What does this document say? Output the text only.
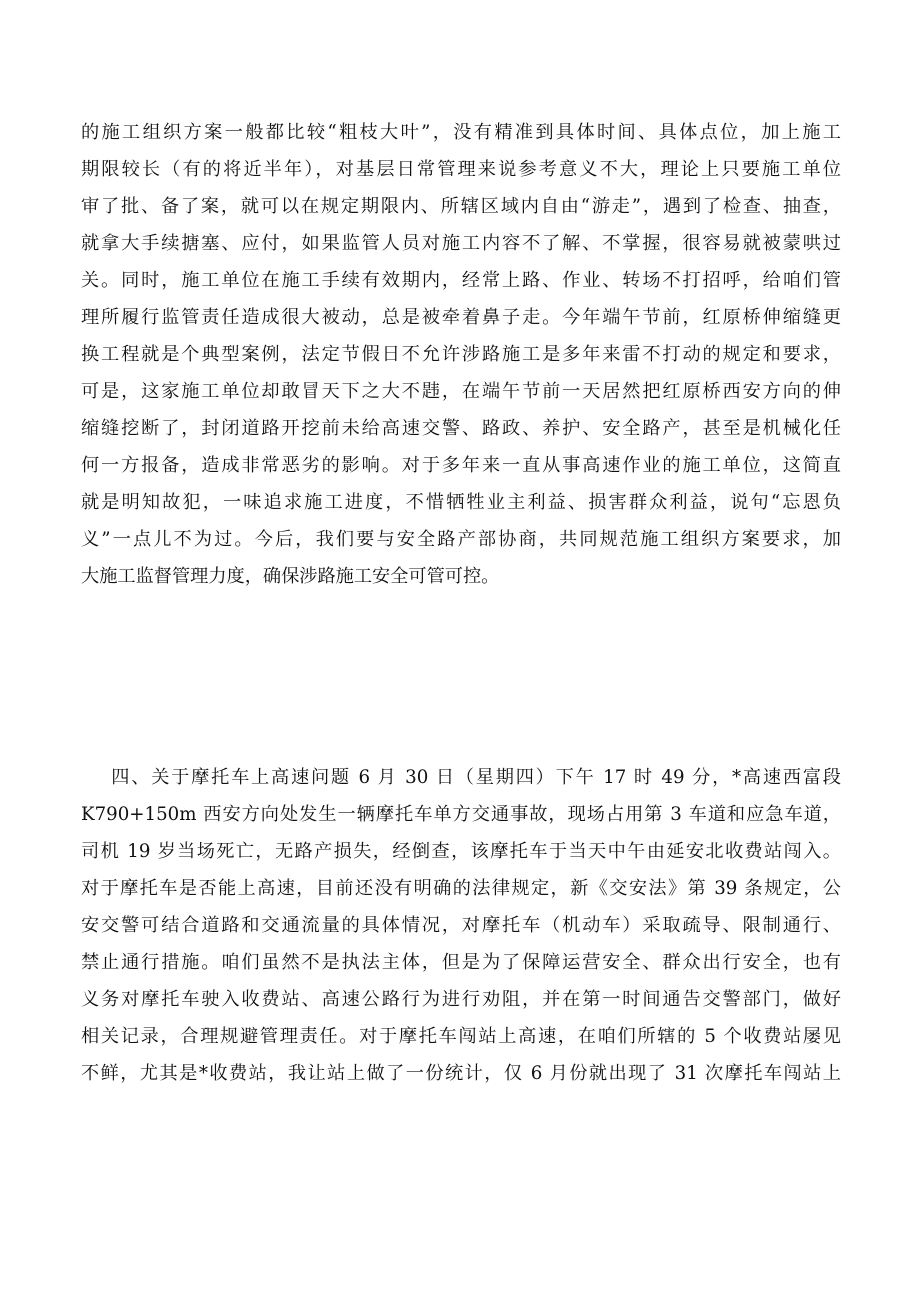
的施工组织方案一般都比较“粗枝大叶”，没有精准到具体时间、具体点位，加上施工
期限较长（有的将近半年），对基层日常管理来说参考意义不大，理论上只要施工单位
审了批、备了案，就可以在规定期限内、所辖区域内自由“游走”，遇到了检查、抽查，
就拿大手续搪塞、应付，如果监管人员对施工内容不了解、不掌握，很容易就被蒙哄过
关。同时，施工单位在施工手续有效期内，经常上路、作业、转场不打招呼，给咱们管
理所履行监管责任造成很大被动，总是被牵着鼻子走。今年端午节前，红原桥伸缩缝更
换工程就是个典型案例，法定节假日不允许涉路施工是多年来雷不打动的规定和要求，
可是，这家施工单位却敢冒天下之大不韪，在端午节前一天居然把红原桥西安方向的伸
缩缝挖断了，封闭道路开挖前未给高速交警、路政、养护、安全路产，甚至是机械化任
何一方报备，造成非常恶劣的影响。对于多年来一直从事高速作业的施工单位，这简直
就是明知故犯，一味追求施工进度，不惜牺牲业主利益、损害群众利益，说句“忘恩负
义”一点儿不为过。今后，我们要与安全路产部协商，共同规范施工组织方案要求，加
大施工监督管理力度，确保涉路施工安全可管可控。
四、关于摩托车上高速问题 6 月 30 日（星期四）下午 17 时 49 分，*高速西富段
K790+150m 西安方向处发生一辆摩托车单方交通事故，现场占用第 3 车道和应急车道，
司机 19 岁当场死亡，无路产损失，经倒查，该摩托车于当天中午由延安北收费站闯入。
对于摩托车是否能上高速，目前还没有明确的法律规定，新《交安法》第 39 条规定，公
安交警可结合道路和交通流量的具体情况，对摩托车（机动车）采取疏导、限制通行、
禁止通行措施。咱们虽然不是执法主体，但是为了保障运营安全、群众出行安全，也有
义务对摩托车驶入收费站、高速公路行为进行劝阻，并在第一时间通告交警部门，做好
相关记录，合理规避管理责任。对于摩托车闯站上高速，在咱们所辖的 5 个收费站屡见
不鲜，尤其是*收费站，我让站上做了一份统计，仅 6 月份就出现了 31 次摩托车闯站上
